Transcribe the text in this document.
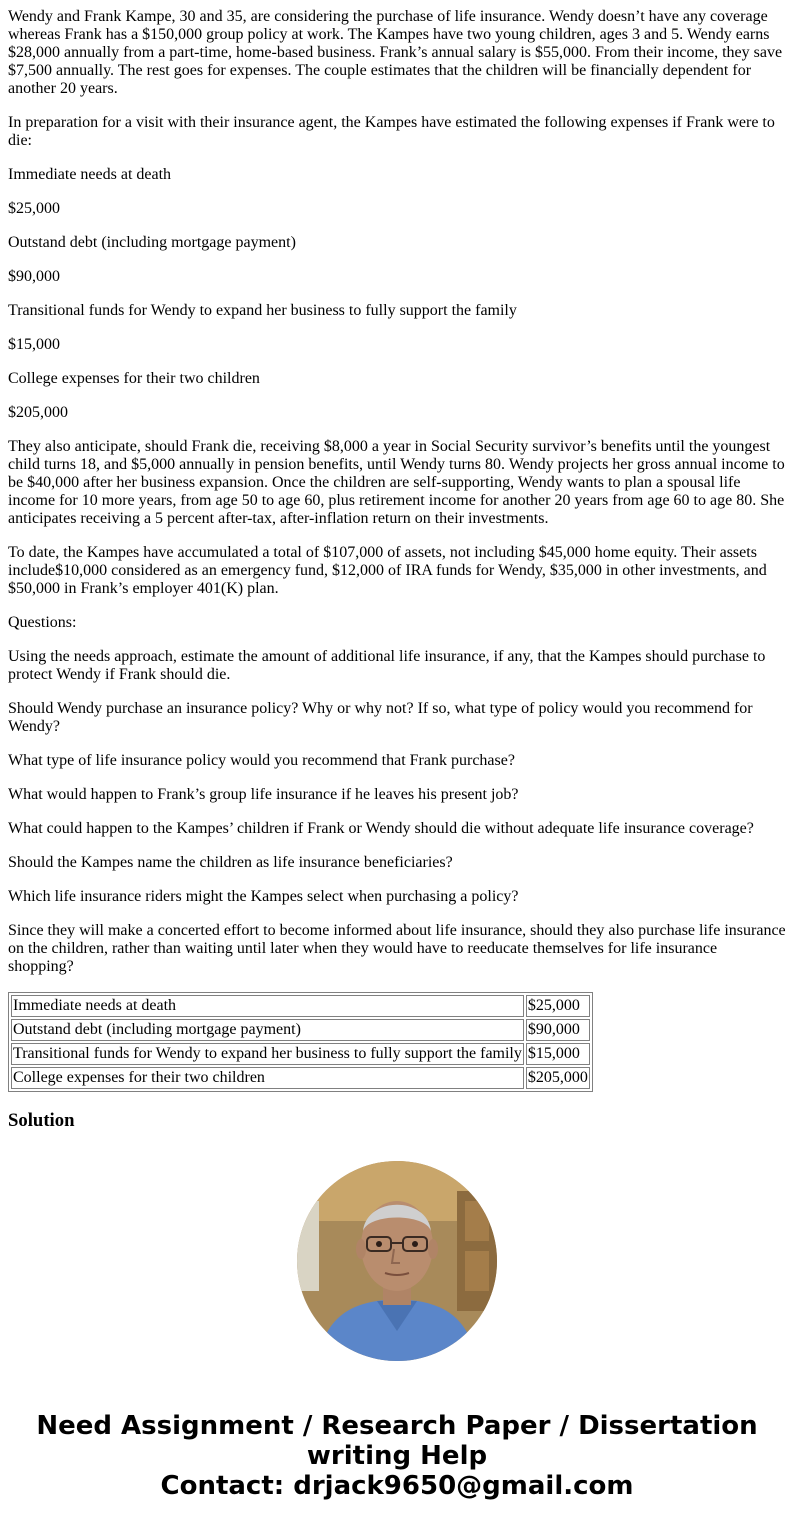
Wendy and Frank Kampe, 30 and 35, are considering the purchase of life insurance. Wendy doesn’t have any coverage whereas Frank has a $150,000 group policy at work. The Kampes have two young children, ages 3 and 5. Wendy earns $28,000 annually from a part-time, home-based business. Frank’s annual salary is $55,000. From their income, they save $7,500 annually. The rest goes for expenses. The couple estimates that the children will be financially dependent for another 20 years.

In preparation for a visit with their insurance agent, the Kampes have estimated the following expenses if Frank were to die:

Immediate needs at death

$25,000

Outstand debt (including mortgage payment)

$90,000

Transitional funds for Wendy to expand her business to fully support the family

$15,000

College expenses for their two children

$205,000

They also anticipate, should Frank die, receiving $8,000 a year in Social Security survivor’s benefits until the youngest child turns 18, and $5,000 annually in pension benefits, until Wendy turns 80. Wendy projects her gross annual income to be $40,000 after her business expansion. Once the children are self-supporting, Wendy wants to plan a spousal life income for 10 more years, from age 50 to age 60, plus retirement income for another 20 years from age 60 to age 80. She anticipates receiving a 5 percent after-tax, after-inflation return on their investments.

To date, the Kampes have accumulated a total of $107,000 of assets, not including $45,000 home equity. Their assets include$10,000 considered as an emergency fund, $12,000 of IRA funds for Wendy, $35,000 in other investments, and $50,000 in Frank’s employer 401(K) plan.

Questions:

Using the needs approach, estimate the amount of additional life insurance, if any, that the Kampes should purchase to protect Wendy if Frank should die.

Should Wendy purchase an insurance policy? Why or why not? If so, what type of policy would you recommend for Wendy?

What type of life insurance policy would you recommend that Frank purchase?

What would happen to Frank’s group life insurance if he leaves his present job?

What could happen to the Kampes’ children if Frank or Wendy should die without adequate life insurance coverage?

Should the Kampes name the children as life insurance beneficiaries?

Which life insurance riders might the Kampes select when purchasing a policy?

Since they will make a concerted effort to become informed about life insurance, should they also purchase life insurance on the children, rather than waiting until later when they would have to reeducate themselves for life insurance shopping?

Immediate needs at death	$25,000
Outstand debt (including mortgage payment)	$90,000
Transitional funds for Wendy to expand her business to fully support the family	$15,000
College expenses for their two children	$205,000
Solution
Need Assignment / Research Paper / Dissertation
writing Help
Contact: drjack9650@gmail.com
